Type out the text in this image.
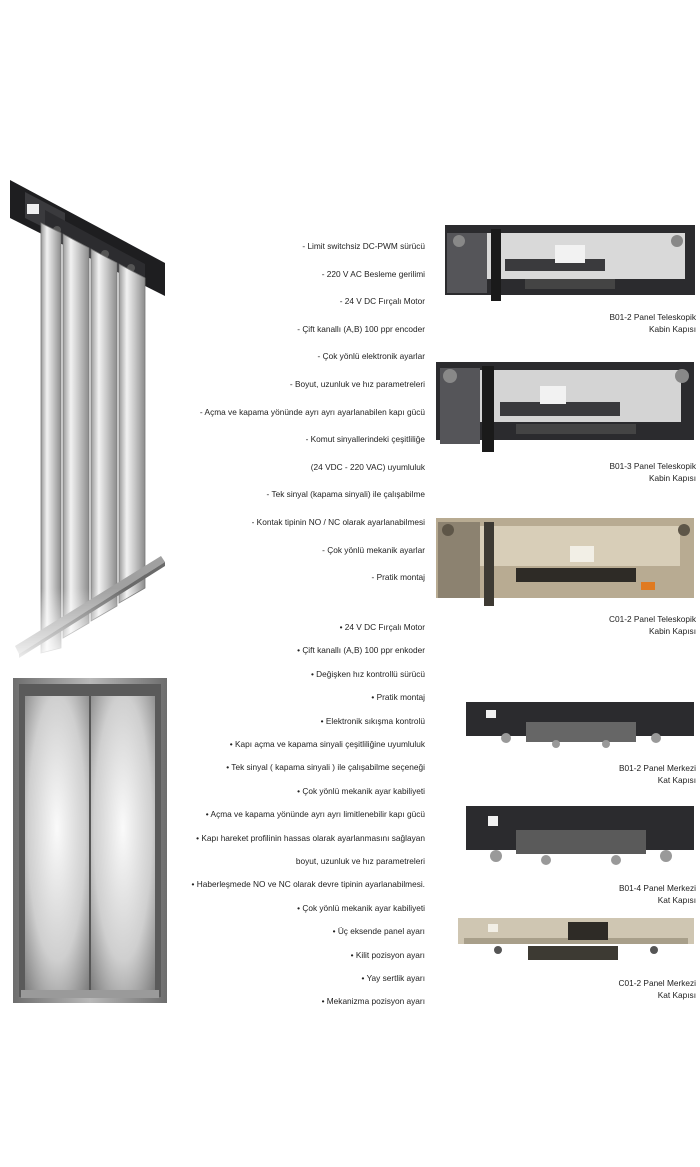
- Limit switchsiz DC-PWM sürücü
- 220 V AC Besleme gerilimi
- 24 V DC Fırçalı Motor
- Çift kanallı (A,B) 100 ppr encoder
- Çok yönlü elektronik ayarlar
- Boyut, uzunluk ve hız parametreleri
- Açma ve kapama yönünde ayrı ayrı ayarlanabilen kapı gücü
- Komut sinyallerindeki çeşitliliğe
(24 VDC - 220 VAC) uyumluluk
- Tek sinyal (kapama sinyali) ile çalışabilme
- Kontak tipinin NO / NC olarak ayarlanabilmesi
- Çok yönlü mekanik ayarlar
- Pratik montaj
• 24 V DC Fırçalı Motor
• Çift kanallı (A,B) 100 ppr enkoder
• Değişken hız kontrollü sürücü
• Pratik montaj
• Elektronik sıkışma kontrolü
• Kapı açma ve kapama sinyali çeşitliliğine uyumluluk
• Tek sinyal ( kapama sinyali ) ile çalışabilme seçeneği
• Çok yönlü mekanik ayar kabiliyeti
• Açma ve kapama yönünde ayrı ayrı limitlenebilir kapı gücü
• Kapı hareket profilinin hassas olarak ayarlanmasını sağlayan
boyut, uzunluk ve hız parametreleri
• Haberleşmede NO ve NC olarak devre tipinin ayarlanabilmesi.
• Çok yönlü mekanik ayar kabiliyeti
• Üç eksende panel ayarı
• Kilit pozisyon ayarı
• Yay sertlik ayarı
• Mekanizma pozisyon ayarı
B01-2 Panel Teleskopik
Kabin Kapısı
B01-3 Panel Teleskopik
Kabin Kapısı
C01-2 Panel Teleskopik
Kabin Kapısı
B01-2 Panel Merkezi
Kat Kapısı
B01-4 Panel Merkezi
Kat Kapısı
C01-2 Panel Merkezi
Kat Kapısı
